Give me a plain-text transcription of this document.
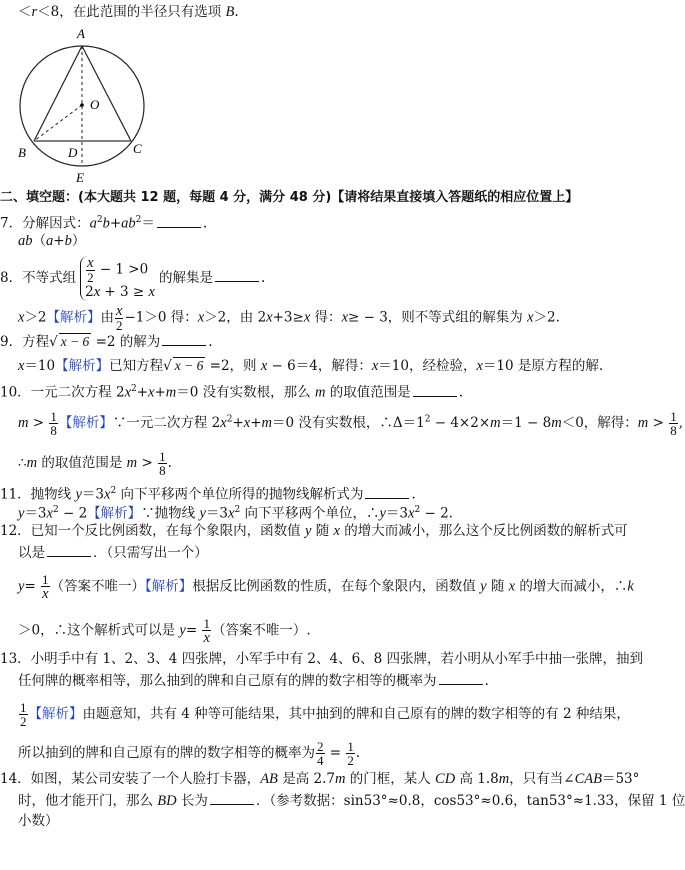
＜r＜8，在此范围的半径只有选项 B.
A
O
B	D	C
E
二、填空题：(本大题共 12 题，每题 4 分，满分 48 分)【请将结果直接填入答题纸的相应位置上】
7．分解因式：$a^2b+ab^2=$	.
ab（a+b）
8．不等式组 $\frac{x}{2} - 1 >0$
2x + 3 ≥ x
的解集是	.
x＞2【解析】由 $\frac{x}{2} -1>0$ 得：x＞2，由 2x+3≥x 得：x≥ − 3，则不等式组的解集为 x＞2.
9．方程√ x − 6 =2 的解为	.
x＝10【解析】已知方程√ x − 6 =2，则 x − 6＝4，解得：x＝10，经检验，x＝10 是原方程的解.
10．一元二次方程 $2x^2+x+m=0$ 没有实数根，那么 m 的取值范围是	.
$m > \frac{1}{8}$ 【解析】∵一元二次方程 $2x^2+x+m=0$ 没有实数根，$\therefore\Delta=1^2 - 4\times 2\times m=1 - 8m<0$，解得：$m > \frac{1}{8}$ ,
∴m 的取值范围是 $m > \frac{1}{8}$ .
11．抛物线 $y=3x^2$ 向下平移两个单位所得的抛物线解析式为	.
$y=3x^2 - 2$【解析】∵抛物线 $y=3x^2$ 向下平移两个单位，$\therefore y=3x^2 - 2$.
12．已知一个反比例函数，在每个象限内，函数值 y 随 x 的增大而减小，那么这个反比例函数的解析式可
以是	．（只需写出一个）
$y= \frac{1}{x}$ （答案不唯一）【解析】根据反比例函数的性质，在每个象限内，函数值 y 随 x 的增大而减小，∴k
＞0，∴这个解析式可以是 $y= \frac{1}{x}$ （答案不唯一）.
13．小明手中有 1、2、3、4 四张牌，小军手中有 2、4、6、8 四张牌，若小明从小军手中抽一张牌，抽到
任何牌的概率相等，那么抽到的牌和自己原有的牌的数字相等的概率为	.
$\frac{1}{2}$ 【解析】由题意知，共有 4 种等可能结果，其中抽到的牌和自己原有的牌的数字相等的有 2 种结果，
所以抽到的牌和自己原有的牌的数字相等的概率为 $\frac{2}{4} = \frac{1}{2}$ .
14．如图，某公司安装了一个人脸打卡器，AB 是高 2.7m 的门框，某人 CD 高 1.8m，只有当∠CAB＝53°
时，他才能开门，那么 BD 长为	．（参考数据：sin53°≈0.8，cos53°≈0.6，tan53°≈1.33，保留 1 位
小数）
